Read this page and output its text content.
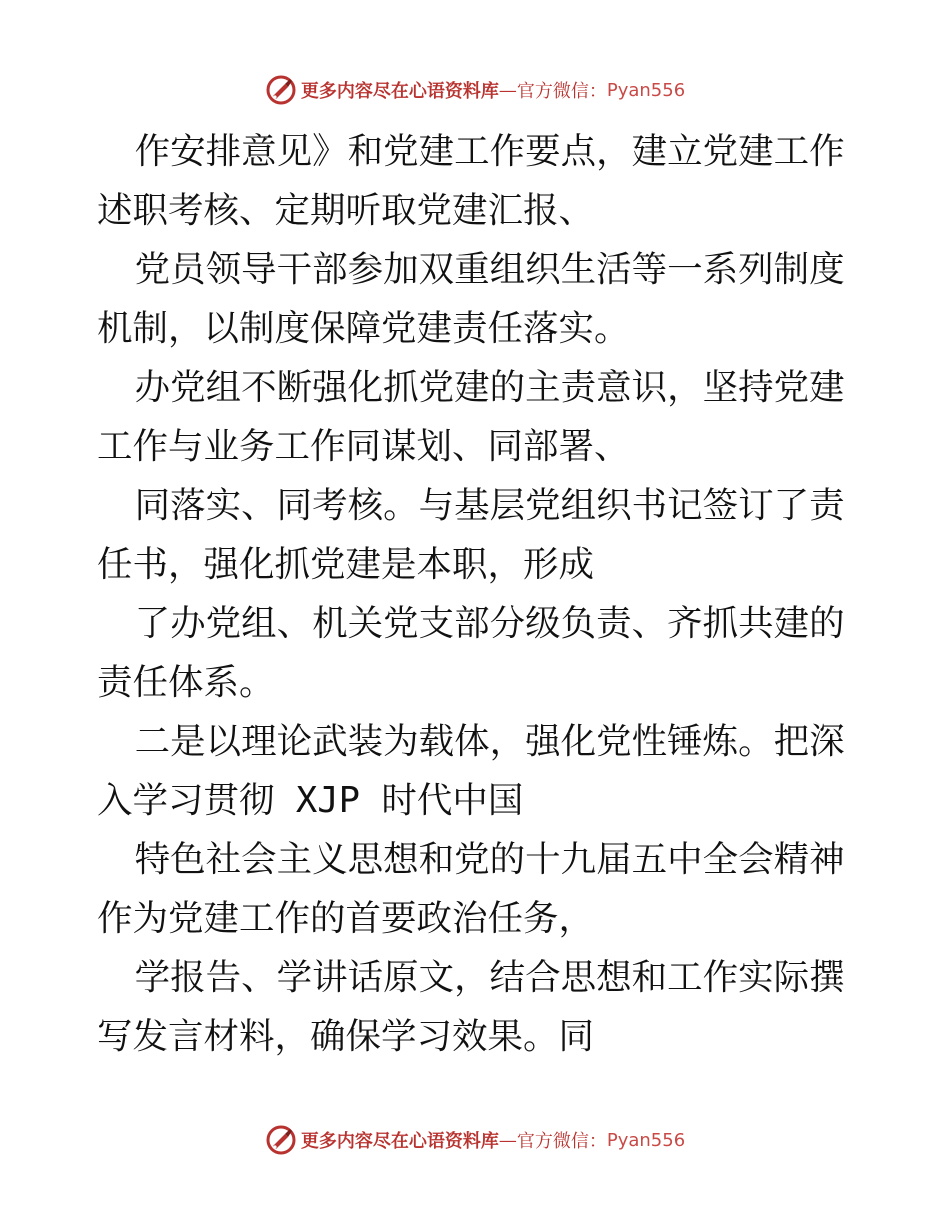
更多内容尽在心语资料库 — 官方微信： Pyan556

作安排意见》和党建工作要点，建立党建工作述职考核、定期听取党建汇报、

党员领导干部参加双重组织生活等一系列制度机制，以制度保障党建责任落实。

办党组不断强化抓党建的主责意识，坚持党建工作与业务工作同谋划、同部署、

同落实、同考核。与基层党组织书记签订了责任书，强化抓党建是本职，形成

了办党组、机关党支部分级负责、齐抓共建的责任体系。

二是以理论武装为载体，强化党性锤炼。把深入学习贯彻 XJP 时代中国

特色社会主义思想和党的十九届五中全会精神作为党建工作的首要政治任务，

学报告、学讲话原文，结合思想和工作实际撰写发言材料，确保学习效果。同

更多内容尽在心语资料库 — 官方微信： Pyan556
